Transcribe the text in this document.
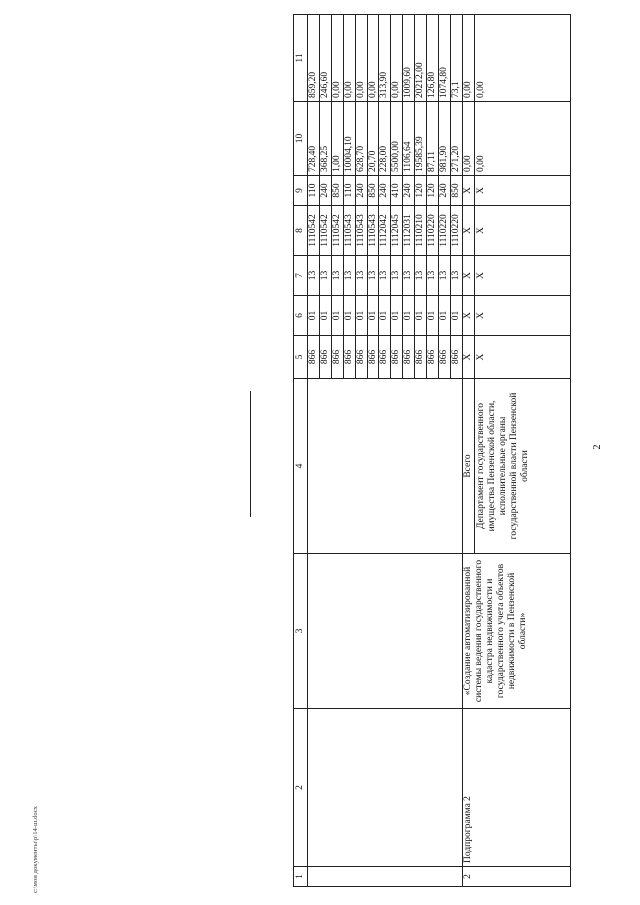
2
1	2	3	4	5	6	7	8	9	10	11
				866	01	13	1110542	110	728,40	859,20
				866	01	13	1110542	240	368,25	246,60
				866	01	13	1110542	850	1,00	0,00
				866	01	13	1110543	110	10004,10	0,00
				866	01	13	1110543	240	628,70	0,00
				866	01	13	1110543	850	20,70	0,00
				866	01	13	1112042	240	228,00	313,90
				866	01	13	1112045	410	5500,00	0,00
				866	01	13	1112031	240	1106,64	1009,60
				866	01	13	1110210	120	19585,39	20212,00
				866	01	13	1110220	120	87,11	126,80
				866	01	13	1110220	240	981,90	1074,80
				866	01	13	1110220	850	271,20	73,1
2	Подпрограмма 2	«Создание автоматизированной системы ведения государственного кадастра недвижимости и государственного учета объектов недвижимости в Пензенской области»	Всего	X	X	X	X	X	0,00	0,00
			Департамент государственного имущества Пензенской области, исполнительные органы государственной власти Пензенской области	X	X	X	X	X	0,00	0,00
c:\мои документы\р\14-ш.docx
